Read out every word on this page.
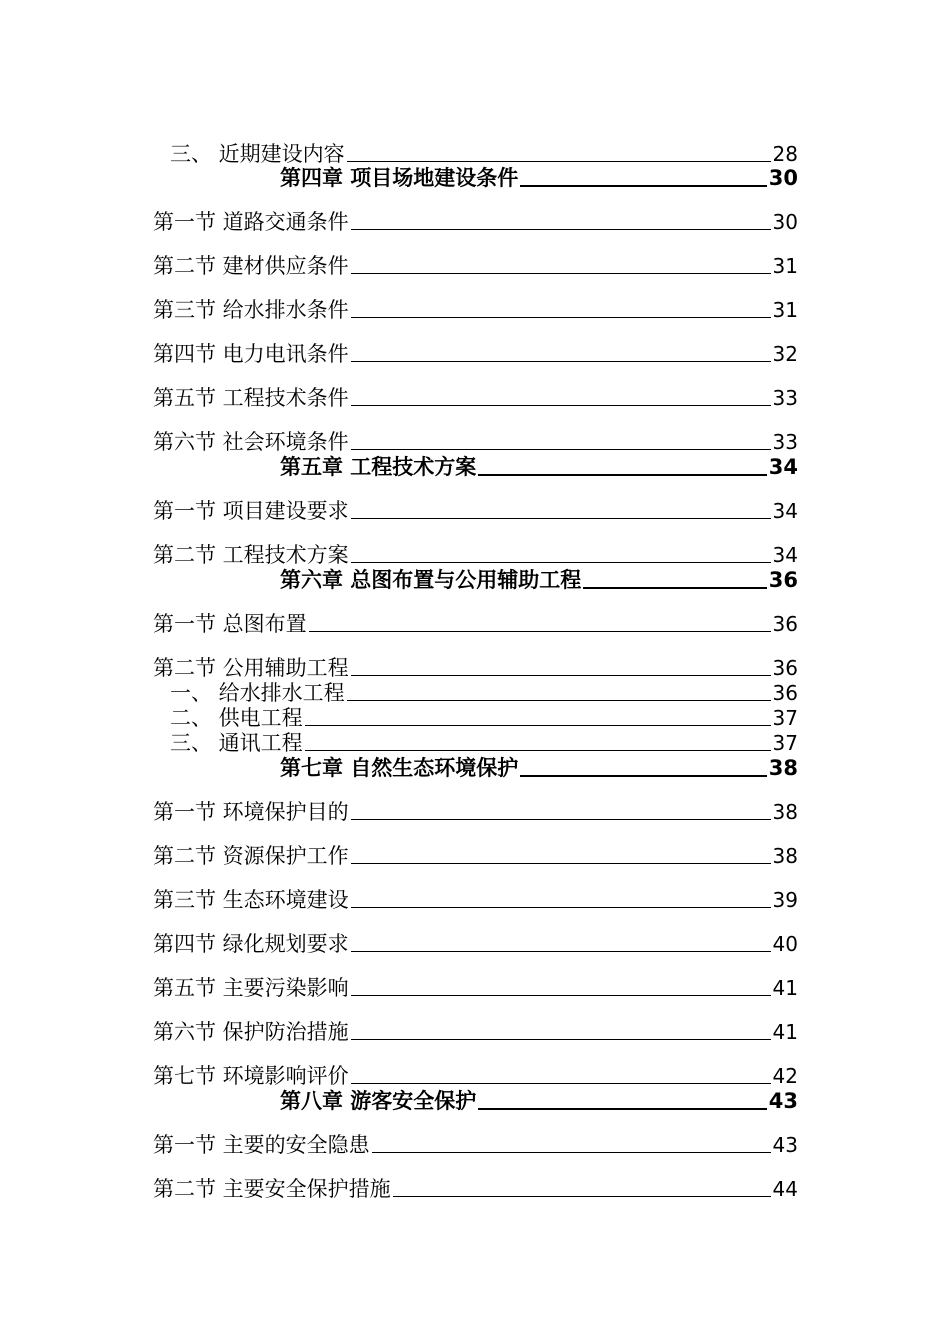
三、 近期建设内容	28
第四章 项目场地建设条件	30
第一节 道路交通条件	30
第二节 建材供应条件	31
第三节 给水排水条件	31
第四节 电力电讯条件	32
第五节 工程技术条件	33
第六节 社会环境条件	33
第五章 工程技术方案	34
第一节 项目建设要求	34
第二节 工程技术方案	34
第六章 总图布置与公用辅助工程	36
第一节 总图布置	36
第二节 公用辅助工程	36
一、 给水排水工程	36
二、 供电工程	37
三、 通讯工程	37
第七章 自然生态环境保护	38
第一节 环境保护目的	38
第二节 资源保护工作	38
第三节 生态环境建设	39
第四节 绿化规划要求	40
第五节 主要污染影响	41
第六节 保护防治措施	41
第七节 环境影响评价	42
第八章 游客安全保护	43
第一节 主要的安全隐患	43
第二节 主要安全保护措施	44
